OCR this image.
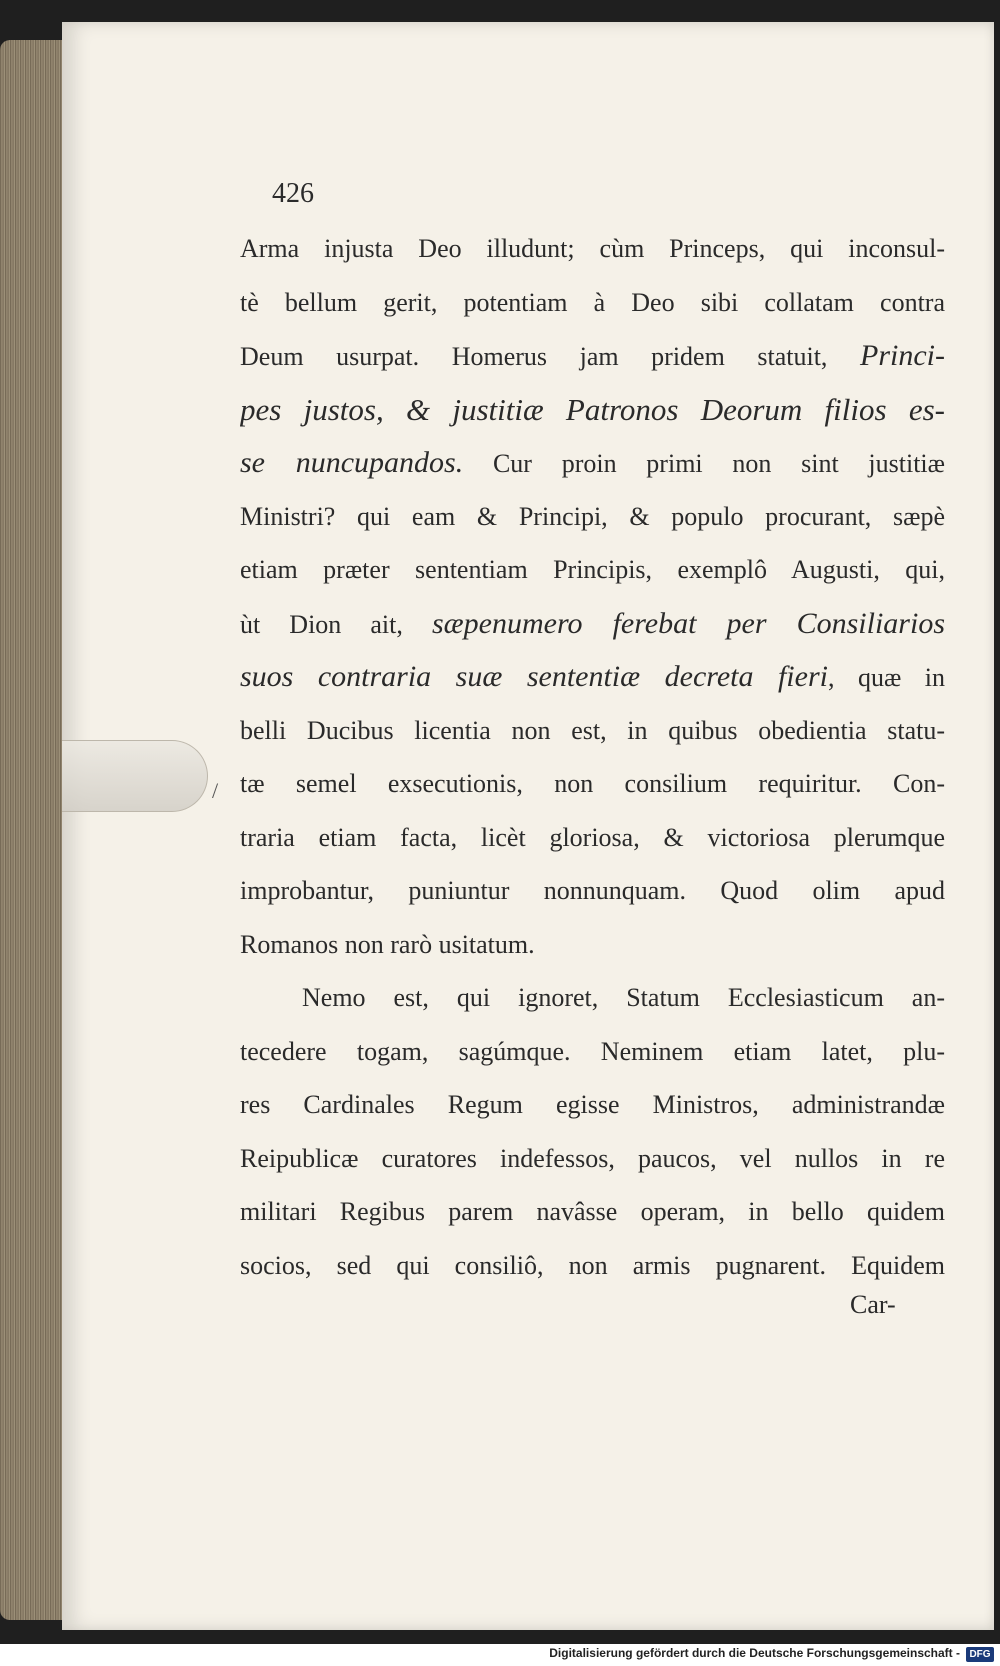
426
Arma injusta Deo illudunt; cùm Princeps, qui inconsul-
tè bellum gerit, potentiam à Deo sibi collatam contra
Deum usurpat. Homerus jam pridem statuit, Princi-
pes justos, & justitiæ Patronos Deorum filios es-
se nuncupandos. Cur proin primi non sint justitiæ
Ministri? qui eam & Principi, & populo procurant, sæpè
etiam præter sententiam Principis, exemplô Augusti, qui,
ùt Dion ait, sæpenumero ferebat per Consiliarios
suos contraria suæ sententiæ decreta fieri, quæ in
belli Ducibus licentia non est, in quibus obedientia statu-
tæ semel exsecutionis, non consilium requiritur. Con-
traria etiam facta, licèt gloriosa, & victoriosa plerumque
improbantur, puniuntur nonnunquam. Quod olim apud
Romanos non rarò usitatum.
Nemo est, qui ignoret, Statum Ecclesiasticum an-
tecedere togam, sagúmque. Neminem etiam latet, plu-
res Cardinales Regum egisse Ministros, administrandæ
Reipublicæ curatores indefessos, paucos, vel nullos in re
militari Regibus parem navâsse operam, in bello quidem
socios, sed qui consiliô, non armis pugnarent. Equidem
/
Car-
Digitalisierung gefördert durch die Deutsche Forschungsgemeinschaft - DFG
